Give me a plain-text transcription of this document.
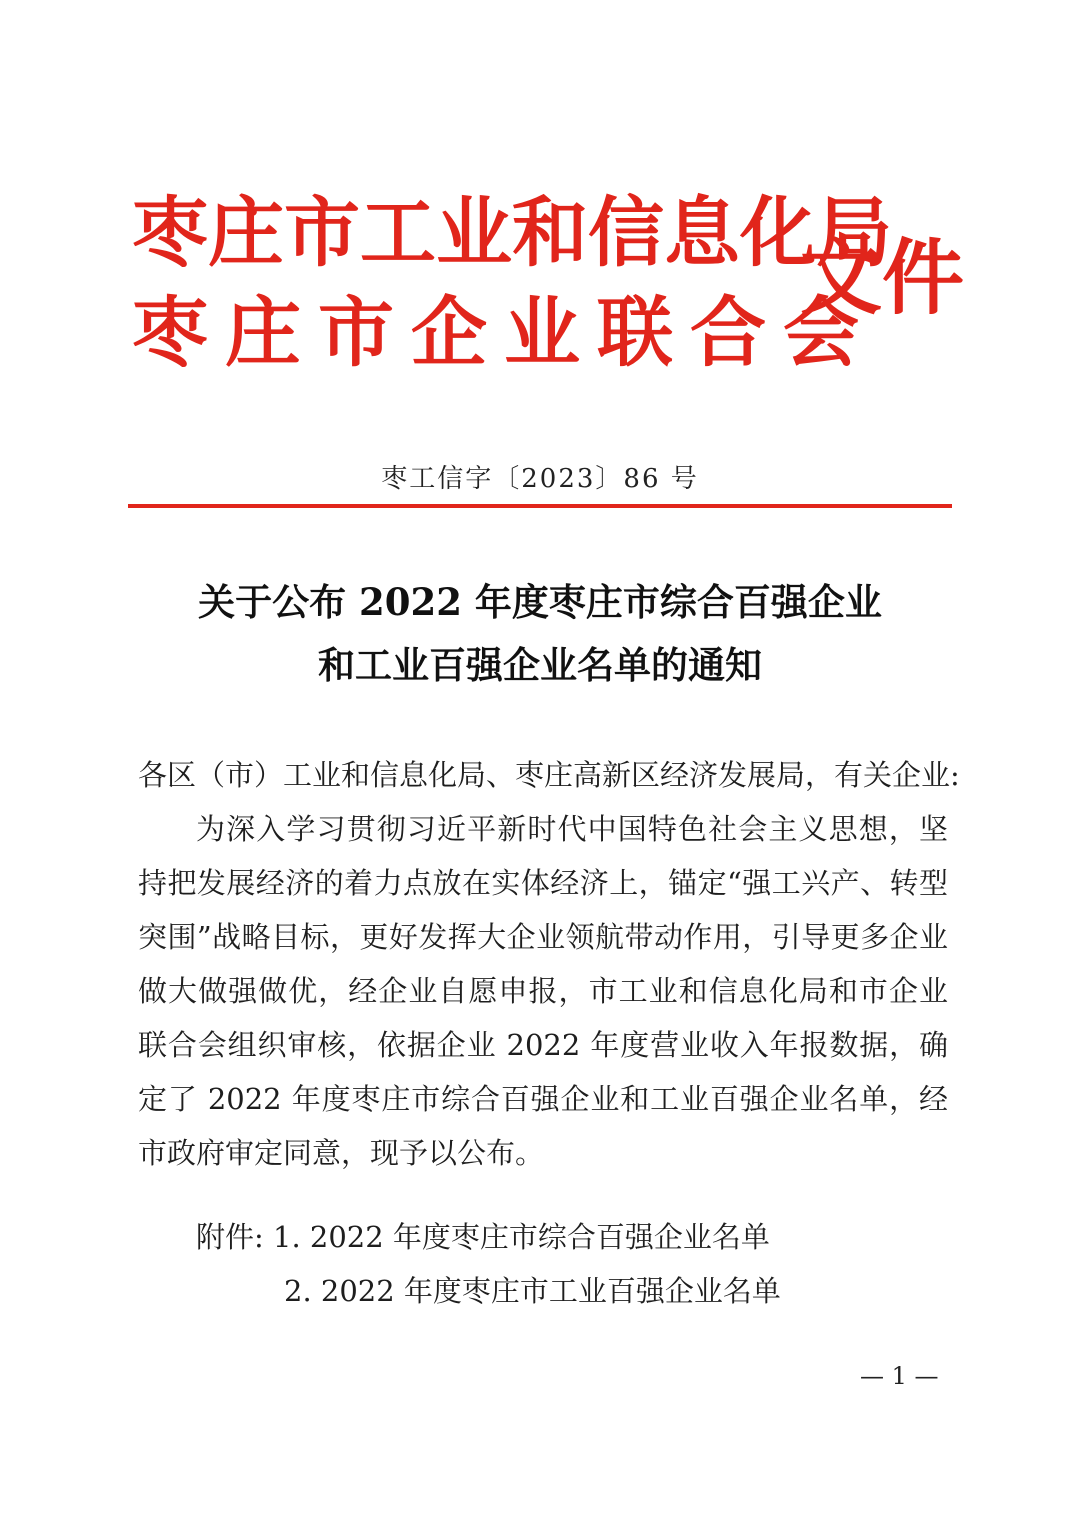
枣庄市工业和信息化局
枣庄市企业联合会
文件
枣工信字〔2023〕86 号
关于公布 2022 年度枣庄市综合百强企业
和工业百强企业名单的通知
各区（市）工业和信息化局、枣庄高新区经济发展局，有关企业:
为深入学习贯彻习近平新时代中国特色社会主义思想，坚持把发展经济的着力点放在实体经济上，锚定“强工兴产、转型突围”战略目标，更好发挥大企业领航带动作用，引导更多企业做大做强做优，经企业自愿申报，市工业和信息化局和市企业联合会组织审核，依据企业 2022 年度营业收入年报数据，确定了 2022 年度枣庄市综合百强企业和工业百强企业名单，经市政府审定同意，现予以公布。
附件: 1. 2022 年度枣庄市综合百强企业名单
2. 2022 年度枣庄市工业百强企业名单
— 1 —
